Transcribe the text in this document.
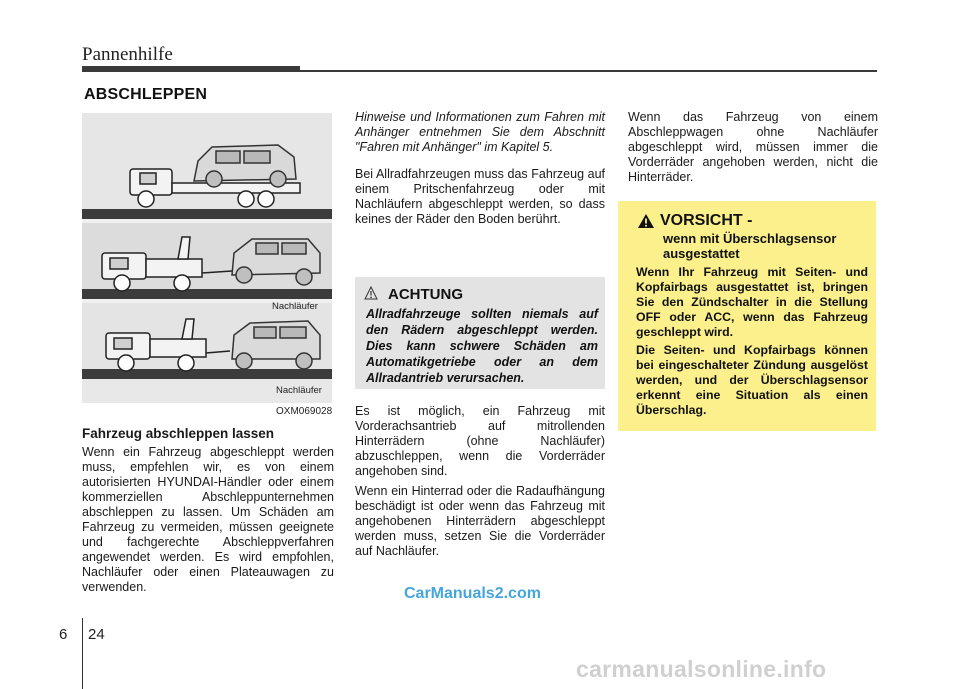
Pannenhilfe
ABSCHLEPPEN
Nachläufer
Nachläufer
OXM069028
Fahrzeug abschleppen lassen

Wenn ein Fahrzeug abgeschleppt werden muss, empfehlen wir, es von einem autorisierten HYUNDAI-Händler oder einem kommerziellen Abschleppunternehmen abschleppen zu lassen. Um Schäden am Fahrzeug zu vermeiden, müssen geeignete und fachgerechte Abschleppverfahren angewendet werden. Es wird empfohlen, Nachläufer oder einen Plateauwagen zu verwenden.

Hinweise und Informationen zum Fahren mit Anhänger entnehmen Sie dem Abschnitt "Fahren mit Anhänger" im Kapitel 5.

Bei Allradfahrzeugen muss das Fahrzeug auf einem Pritschenfahrzeug oder mit Nachläufern abgeschleppt werden, so dass keines der Räder den Boden berührt.

ACHTUNG
Allradfahrzeuge sollten niemals auf den Rädern abgeschleppt werden. Dies kann schwere Schäden am Automatikgetriebe oder an dem Allradantrieb verursachen.

Es ist möglich, ein Fahrzeug mit Vorderachsantrieb auf mitrollenden Hinterrädern (ohne Nachläufer) abzuschleppen, wenn die Vorderräder angehoben sind.

Wenn ein Hinterrad oder die Radaufhängung beschädigt ist oder wenn das Fahrzeug mit angehobenen Hinterrädern abgeschleppt werden muss, setzen Sie die Vorderräder auf Nachläufer.

Wenn das Fahrzeug von einem Abschleppwagen ohne Nachläufer abgeschleppt wird, müssen immer die Vorderräder angehoben werden, nicht die Hinterräder.

VORSICHT -
wenn mit Überschlagsensor ausgestattet

Wenn Ihr Fahrzeug mit Seiten- und Kopfairbags ausgestattet ist, bringen Sie den Zündschalter in die Stellung OFF oder ACC, wenn das Fahrzeug geschleppt wird.

Die Seiten- und Kopfairbags können bei eingeschalteter Zündung ausgelöst werden, und der Überschlagsensor erkennt eine Situation als einen Überschlag.

CarManuals2.com
6 24
carmanualsonline.info
